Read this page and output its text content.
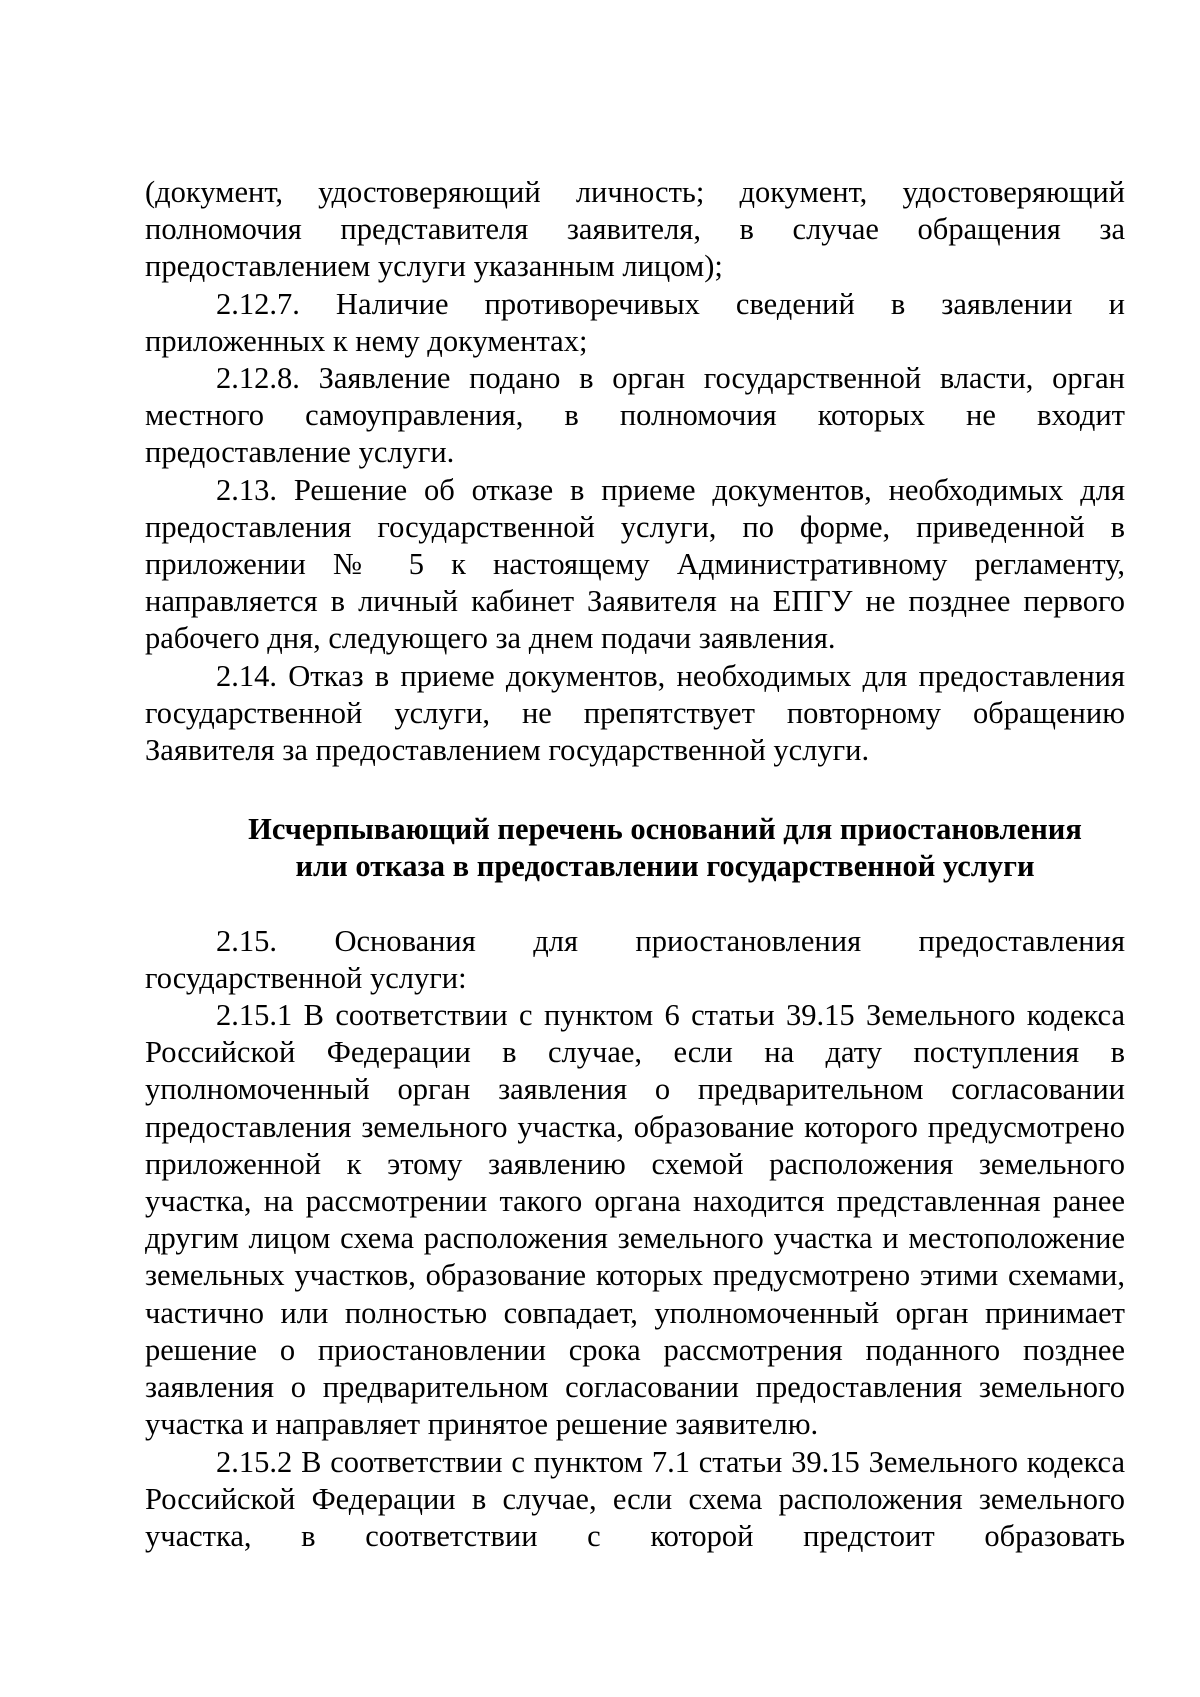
(документ, удостоверяющий личность; документ, удостоверяющий полномочия представителя заявителя, в случае обращения за предоставлением услуги указанным лицом);

2.12.7. Наличие противоречивых сведений в заявлении и приложенных к нему документах;

2.12.8. Заявление подано в орган государственной власти, орган местного самоуправления, в полномочия которых не входит предоставление услуги.

2.13. Решение об отказе в приеме документов, необходимых для предоставления государственной услуги, по форме, приведенной в приложении № 5 к настоящему Административному регламенту, направляется в личный кабинет Заявителя на ЕПГУ не позднее первого рабочего дня, следующего за днем подачи заявления.

2.14. Отказ в приеме документов, необходимых для предоставления государственной услуги, не препятствует повторному обращению Заявителя за предоставлением государственной услуги.

Исчерпывающий перечень оснований для приостановления
или отказа в предоставлении государственной услуги

2.15. Основания для приостановления предоставления государственной услуги:

2.15.1 В соответствии с пунктом 6 статьи 39.15 Земельного кодекса Российской Федерации в случае, если на дату поступления в уполномоченный орган заявления о предварительном согласовании предоставления земельного участка, образование которого предусмотрено приложенной к этому заявлению схемой расположения земельного участка, на рассмотрении такого органа находится представленная ранее другим лицом схема расположения земельного участка и местоположение земельных участков, образование которых предусмотрено этими схемами, частично или полностью совпадает, уполномоченный орган принимает решение о приостановлении срока рассмотрения поданного позднее заявления о предварительном согласовании предоставления земельного участка и направляет принятое решение заявителю.

2.15.2 В соответствии с пунктом 7.1 статьи 39.15 Земельного кодекса Российской Федерации в случае, если схема расположения земельного участка, в соответствии с которой предстоит образовать
